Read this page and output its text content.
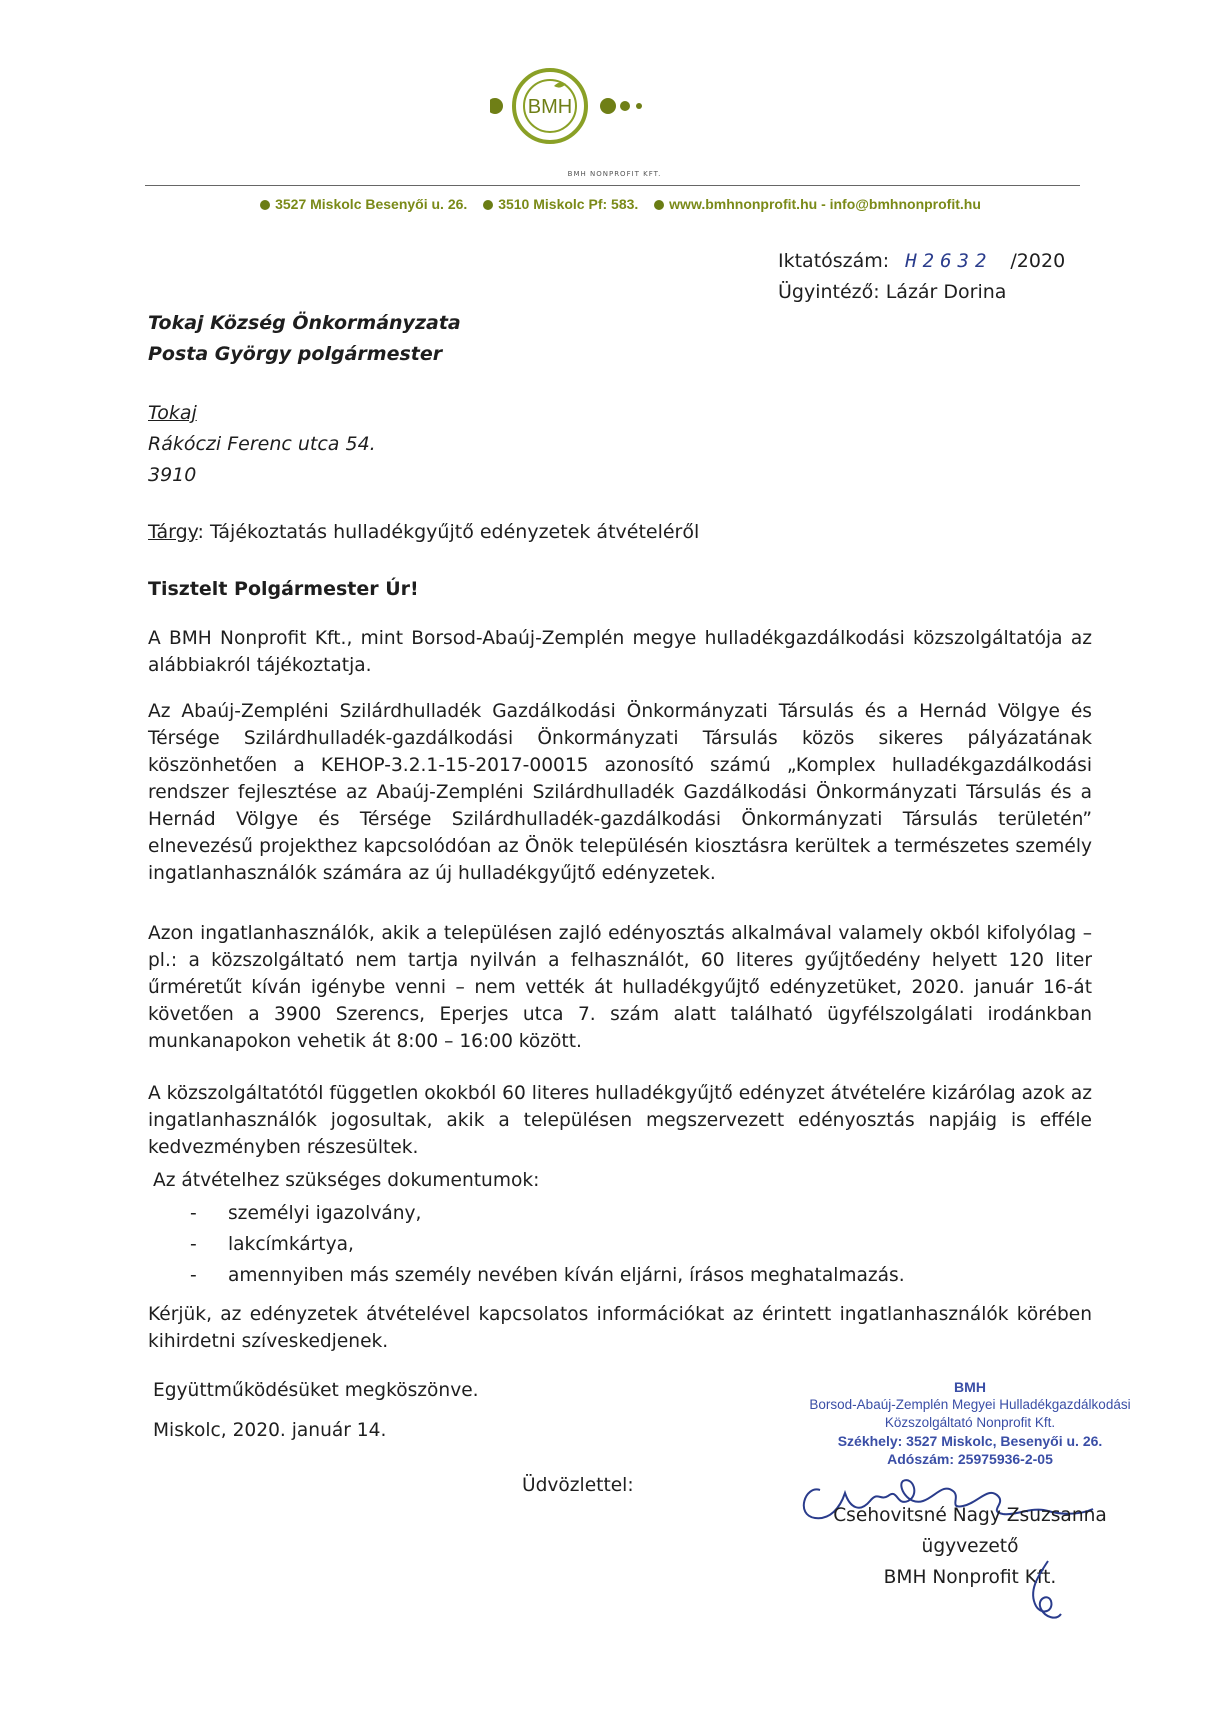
BMH
BMH NONPROFIT KFT.
3527 Miskolc Besenyői u. 26. 3510 Miskolc Pf: 583. www.bmhnonprofit.hu - info@bmhnonprofit.hu
Iktatószám: H2632 /2020
Ügyintéző: Lázár Dorina
Tokaj Község Önkormányzata
Posta György polgármester
Tokaj
Rákóczi Ferenc utca 54.
3910
Tárgy: Tájékoztatás hulladékgyűjtő edényzetek átvételéről
Tisztelt Polgármester Úr!
A BMH Nonprofit Kft., mint Borsod-Abaúj-Zemplén megye hulladékgazdálkodási közszolgáltatója az alábbiakról tájékoztatja.
Az Abaúj-Zempléni Szilárdhulladék Gazdálkodási Önkormányzati Társulás és a Hernád Völgye és Térsége Szilárdhulladék-gazdálkodási Önkormányzati Társulás közös sikeres pályázatának köszönhetően a KEHOP-3.2.1-15-2017-00015 azonosító számú „Komplex hulladékgazdálkodási rendszer fejlesztése az Abaúj-Zempléni Szilárdhulladék Gazdálkodási Önkormányzati Társulás és a Hernád Völgye és Térsége Szilárdhulladék-gazdálkodási Önkormányzati Társulás területén” elnevezésű projekthez kapcsolódóan az Önök településén kiosztásra kerültek a természetes személy ingatlanhasználók számára az új hulladékgyűjtő edényzetek.
Azon ingatlanhasználók, akik a településen zajló edényosztás alkalmával valamely okból kifolyólag – pl.: a közszolgáltató nem tartja nyilván a felhasználót, 60 literes gyűjtőedény helyett 120 liter űrméretűt kíván igénybe venni – nem vették át hulladékgyűjtő edényzetüket, 2020. január 16-át követően a 3900 Szerencs, Eperjes utca 7. szám alatt található ügyfélszolgálati irodánkban munkanapokon vehetik át 8:00 – 16:00 között.
A közszolgáltatótól független okokból 60 literes hulladékgyűjtő edényzet átvételére kizárólag azok az ingatlanhasználók jogosultak, akik a településen megszervezett edényosztás napjáig is efféle kedvezményben részesültek.
Az átvételhez szükséges dokumentumok:
- személyi igazolvány,
- lakcímkártya,
- amennyiben más személy nevében kíván eljárni, írásos meghatalmazás.
Kérjük, az edényzetek átvételével kapcsolatos információkat az érintett ingatlanhasználók körében kihirdetni szíveskedjenek.
Együttműködésüket megköszönve.
Miskolc, 2020. január 14.
Üdvözlettel:
BMH
Borsod-Abaúj-Zemplén Megyei Hulladékgazdálkodási
Közszolgáltató Nonprofit Kft.
Székhely: 3527 Miskolc, Besenyői u. 26.
Adószám: 25975936-2-05
Csehovitsné Nagy Zsuzsanna
ügyvezető
BMH Nonprofit Kft.
